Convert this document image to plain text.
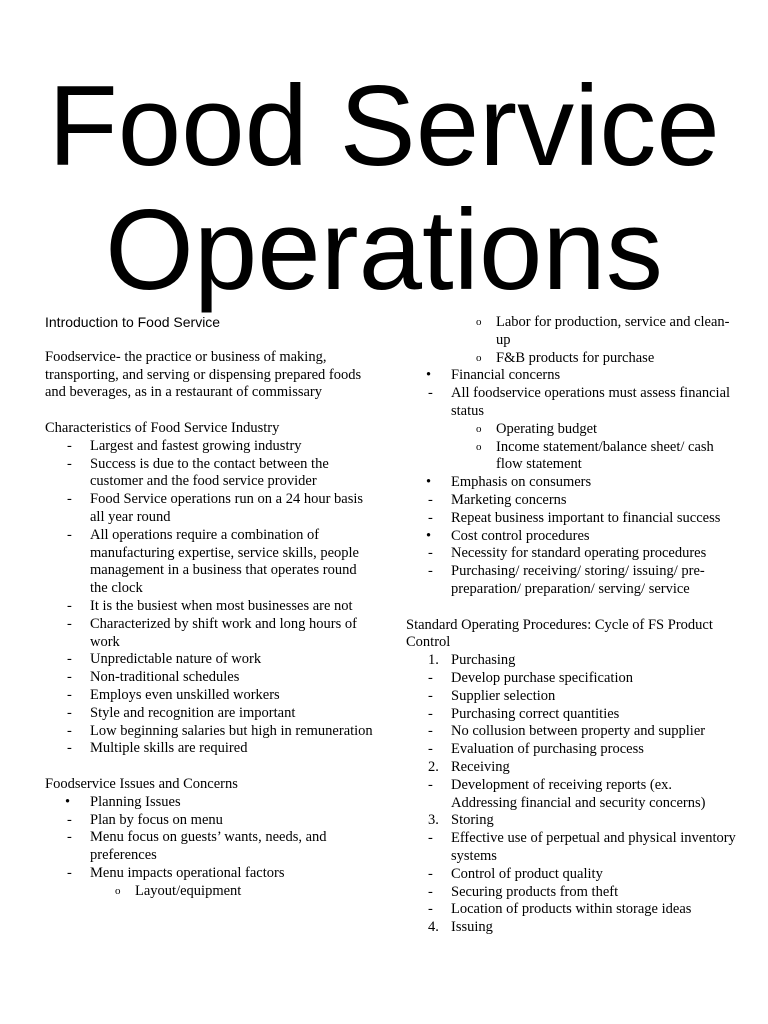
Food Service
Operations

Introduction to Food Service

Foodservice- the practice or business of making, transporting, and serving or dispensing prepared foods and beverages, as in a restaurant of commissary

Characteristics of Food Service Industry

- Largest and fastest growing industry
- Success is due to the contact between the customer and the food service provider
- Food Service operations run on a 24 hour basis all year round
- All operations require a combination of manufacturing expertise, service skills, people management in a business that operates round the clock
- It is the busiest when most businesses are not
- Characterized by shift work and long hours of work
- Unpredictable nature of work
- Non-traditional schedules
- Employs even unskilled workers
- Style and recognition are important
- Low beginning salaries but high in remuneration
- Multiple skills are required

Foodservice Issues and Concerns

• Planning Issues
- Plan by focus on menu
- Menu focus on guests’ wants, needs, and preferences
- Menu impacts operational factors
o Layout/equipment
o Labor for production, service and clean-up
o F&B products for purchase
• Financial concerns
- All foodservice operations must assess financial status
o Operating budget
o Income statement/balance sheet/ cash flow statement
• Emphasis on consumers
- Marketing concerns
- Repeat business important to financial success
• Cost control procedures
- Necessity for standard operating procedures
- Purchasing/ receiving/ storing/ issuing/ pre-preparation/ preparation/ serving/ service

Standard Operating Procedures: Cycle of FS Product Control

1. Purchasing
- Develop purchase specification
- Supplier selection
- Purchasing correct quantities
- No collusion between property and supplier
- Evaluation of purchasing process
2. Receiving
- Development of receiving reports (ex. Addressing financial and security concerns)
3. Storing
- Effective use of perpetual and physical inventory systems
- Control of product quality
- Securing products from theft
- Location of products within storage ideas
4. Issuing
